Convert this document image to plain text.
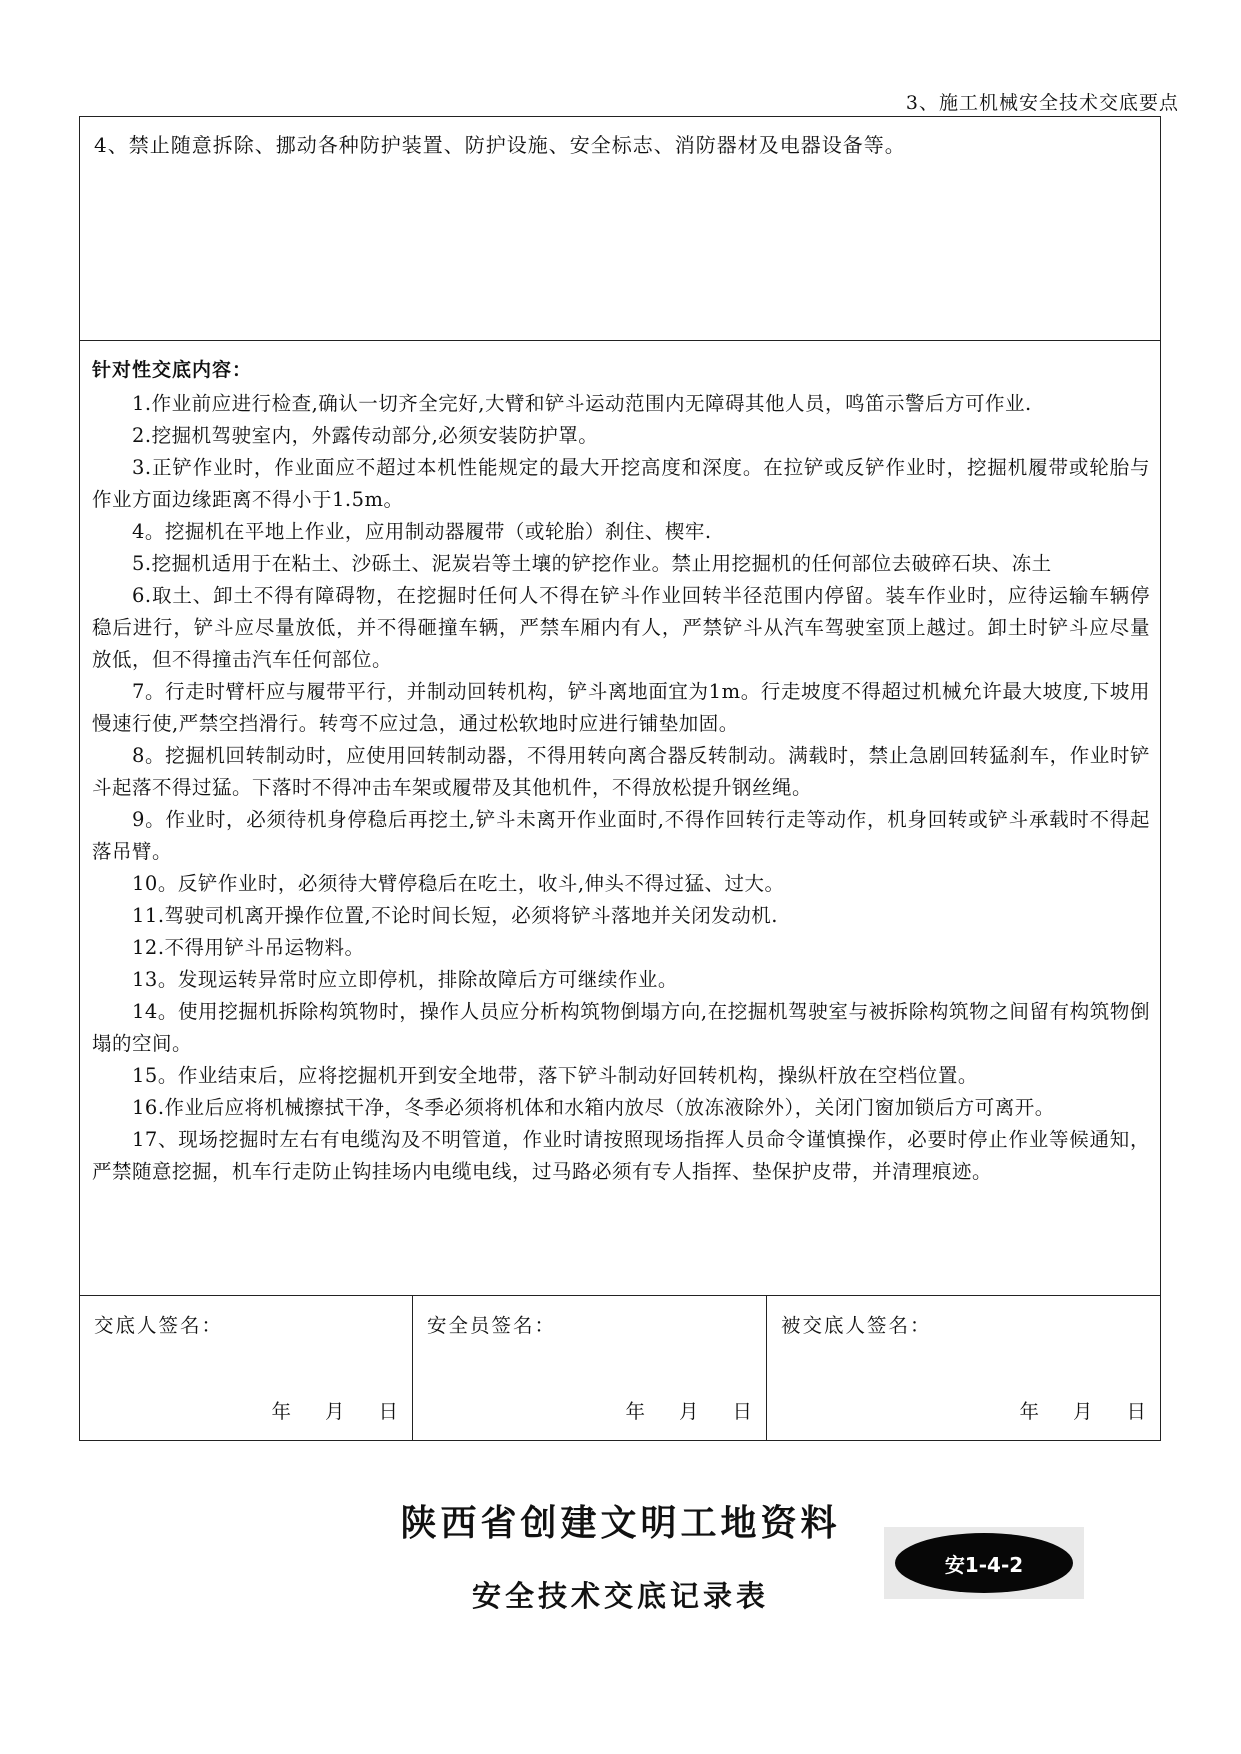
3、施工机械安全技术交底要点
4、禁止随意拆除、挪动各种防护装置、防护设施、安全标志、消防器材及电器设备等。
针对性交底内容：

1.作业前应进行检查,确认一切齐全完好,大臂和铲斗运动范围内无障碍其他人员，鸣笛示警后方可作业.

2.挖掘机驾驶室内，外露传动部分,必须安装防护罩。

3.正铲作业时，作业面应不超过本机性能规定的最大开挖高度和深度。在拉铲或反铲作业时，挖掘机履带或轮胎与作业方面边缘距离不得小于1.5m。

4。挖掘机在平地上作业，应用制动器履带（或轮胎）刹住、楔牢.

5.挖掘机适用于在粘土、沙砾土、泥炭岩等土壤的铲挖作业。禁止用挖掘机的任何部位去破碎石块、冻土

6.取土、卸土不得有障碍物，在挖掘时任何人不得在铲斗作业回转半径范围内停留。装车作业时，应待运输车辆停稳后进行，铲斗应尽量放低，并不得砸撞车辆，严禁车厢内有人，严禁铲斗从汽车驾驶室顶上越过。卸土时铲斗应尽量放低，但不得撞击汽车任何部位。

7。行走时臂杆应与履带平行，并制动回转机构，铲斗离地面宜为1m。行走坡度不得超过机械允许最大坡度,下坡用慢速行使,严禁空挡滑行。转弯不应过急，通过松软地时应进行铺垫加固。

8。挖掘机回转制动时，应使用回转制动器，不得用转向离合器反转制动。满载时，禁止急剧回转猛刹车，作业时铲斗起落不得过猛。下落时不得冲击车架或履带及其他机件，不得放松提升钢丝绳。

9。作业时，必须待机身停稳后再挖土,铲斗未离开作业面时,不得作回转行走等动作，机身回转或铲斗承载时不得起落吊臂。

10。反铲作业时，必须待大臂停稳后在吃土，收斗,伸头不得过猛、过大。

11.驾驶司机离开操作位置,不论时间长短，必须将铲斗落地并关闭发动机.

12.不得用铲斗吊运物料。

13。发现运转异常时应立即停机，排除故障后方可继续作业。

14。使用挖掘机拆除构筑物时，操作人员应分析构筑物倒塌方向,在挖掘机驾驶室与被拆除构筑物之间留有构筑物倒塌的空间。

15。作业结束后，应将挖掘机开到安全地带，落下铲斗制动好回转机构，操纵杆放在空档位置。

16.作业后应将机械擦拭干净，冬季必须将机体和水箱内放尽（放冻液除外），关闭门窗加锁后方可离开。

17、现场挖掘时左右有电缆沟及不明管道，作业时请按照现场指挥人员命令谨慎操作，必要时停止作业等候通知，严禁随意挖掘，机车行走防止钩挂场内电缆电线，过马路必须有专人指挥、垫保护皮带，并清理痕迹。

交底人签名：
年 月 日
安全员签名：
年 月 日
被交底人签名：
年 月 日
陕西省创建文明工地资料
安全技术交底记录表
安1-4-2
